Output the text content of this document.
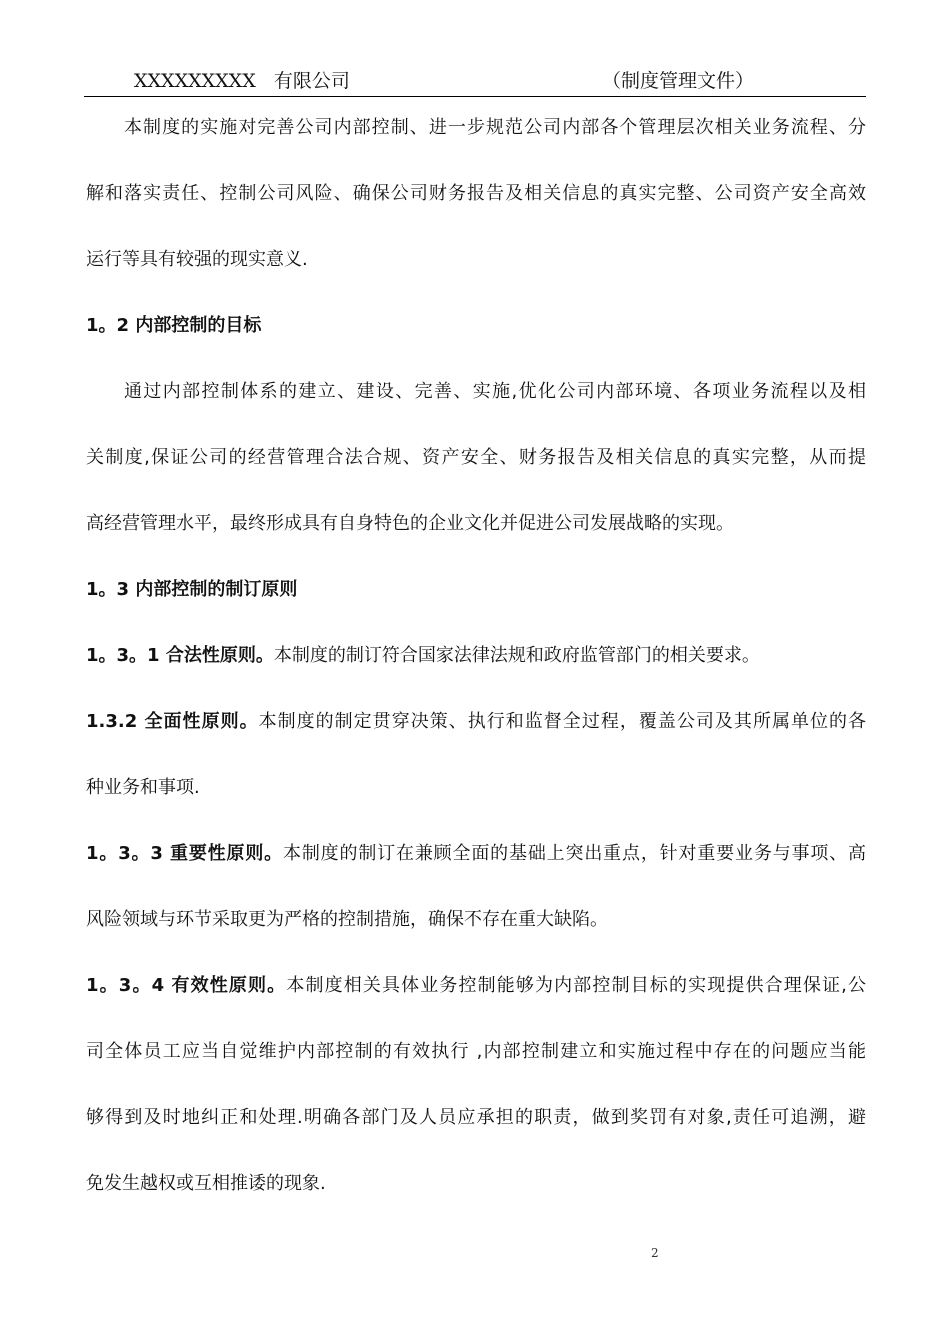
XXXXXXXXX   有限公司	（制度管理文件）
本制度的实施对完善公司内部控制、进一步规范公司内部各个管理层次相关业务流程、分
解和落实责任、控制公司风险、确保公司财务报告及相关信息的真实完整、公司资产安全高效
运行等具有较强的现实意义.
1。2 内部控制的目标
通过内部控制体系的建立、建设、完善、实施,优化公司内部环境、各项业务流程以及相
关制度,保证公司的经营管理合法合规、资产安全、财务报告及相关信息的真实完整，从而提
高经营管理水平，最终形成具有自身特色的企业文化并促进公司发展战略的实现。
1。3 内部控制的制订原则
1。3。1 合法性原则。本制度的制订符合国家法律法规和政府监管部门的相关要求。
1.3.2 全面性原则。本制度的制定贯穿决策、执行和监督全过程，覆盖公司及其所属单位的各
种业务和事项.
1。3。3 重要性原则。本制度的制订在兼顾全面的基础上突出重点，针对重要业务与事项、高
风险领域与环节采取更为严格的控制措施，确保不存在重大缺陷。
1。3。4 有效性原则。本制度相关具体业务控制能够为内部控制目标的实现提供合理保证,公
司全体员工应当自觉维护内部控制的有效执行 ,内部控制建立和实施过程中存在的问题应当能
够得到及时地纠正和处理.明确各部门及人员应承担的职责，做到奖罚有对象,责任可追溯，避
免发生越权或互相推诿的现象.
2
